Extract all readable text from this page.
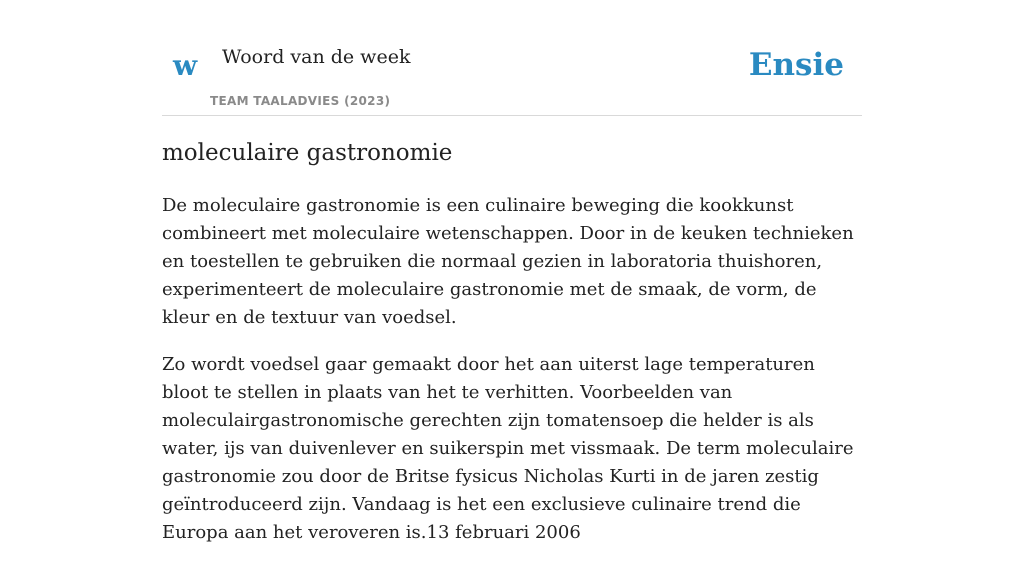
w Woord van de week
TEAM TAALADVIES (2023)
Ensie
moleculaire gastronomie

De moleculaire gastronomie is een culinaire beweging die kookkunst combineert met moleculaire wetenschappen. Door in de keuken technieken en toestellen te gebruiken die normaal gezien in laboratoria thuishoren, experimenteert de moleculaire gastronomie met de smaak, de vorm, de kleur en de textuur van voedsel.

Zo wordt voedsel gaar gemaakt door het aan uiterst lage temperaturen bloot te stellen in plaats van het te verhitten. Voorbeelden van moleculairgastronomische gerechten zijn tomatensoep die helder is als water, ijs van duivenlever en suikerspin met vissmaak. De term moleculaire gastronomie zou door de Britse fysicus Nicholas Kurti in de jaren zestig geïntroduceerd zijn. Vandaag is het een exclusieve culinaire trend die Europa aan het veroveren is.13 februari 2006
